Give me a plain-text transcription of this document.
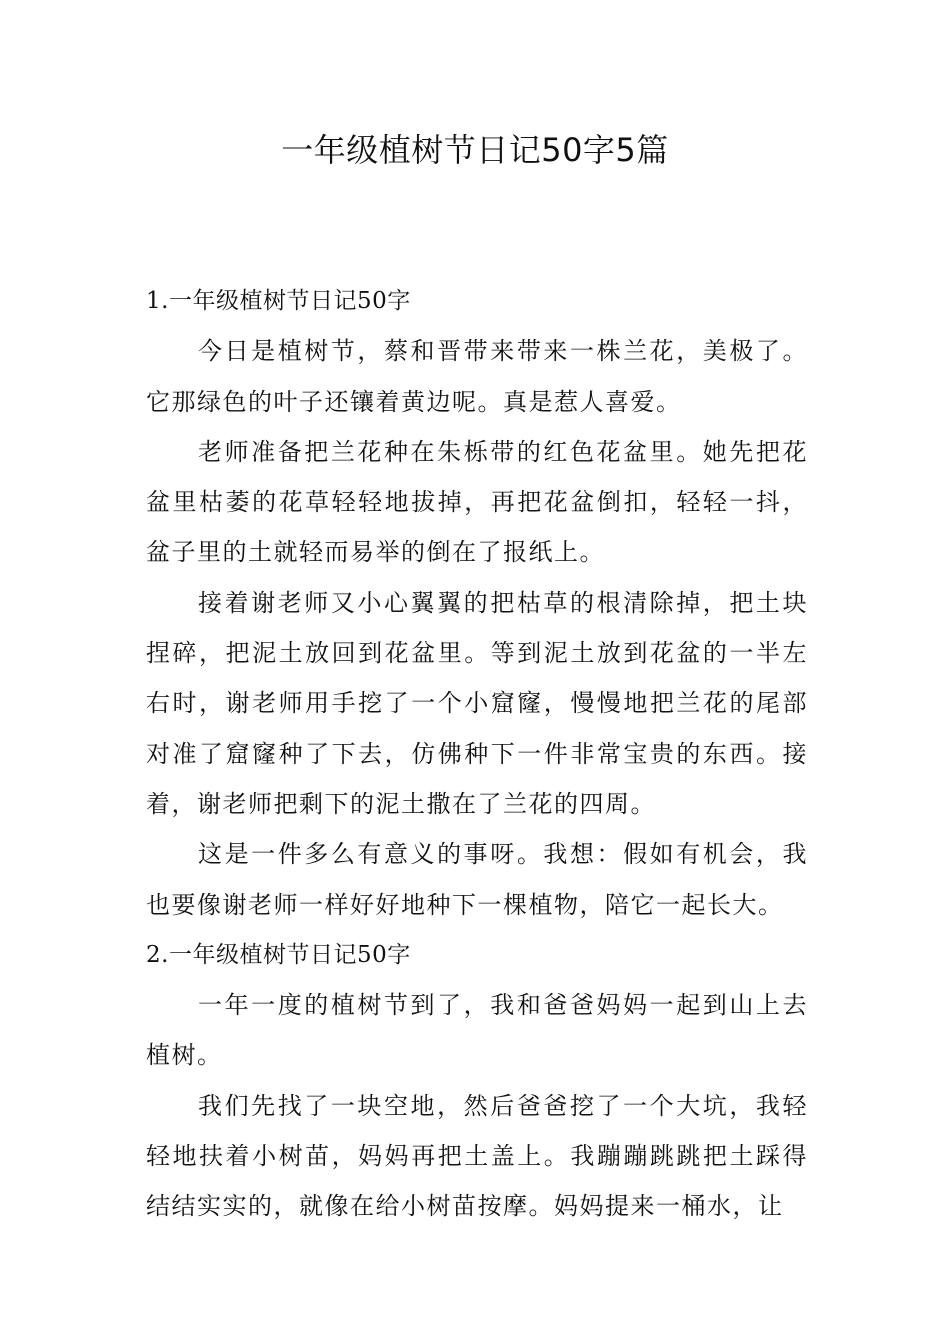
一年级植树节日记50字5篇
1.一年级植树节日记50字

今日是植树节，蔡和晋带来带来一株兰花，美极了。它那绿色的叶子还镶着黄边呢。真是惹人喜爱。

老师准备把兰花种在朱栎带的红色花盆里。她先把花盆里枯萎的花草轻轻地拔掉，再把花盆倒扣，轻轻一抖，盆子里的土就轻而易举的倒在了报纸上。

接着谢老师又小心翼翼的把枯草的根清除掉，把土块捏碎，把泥土放回到花盆里。等到泥土放到花盆的一半左右时，谢老师用手挖了一个小窟窿，慢慢地把兰花的尾部对准了窟窿种了下去，仿佛种下一件非常宝贵的东西。接着，谢老师把剩下的泥土撒在了兰花的四周。

这是一件多么有意义的事呀。我想：假如有机会，我也要像谢老师一样好好地种下一棵植物，陪它一起长大。

2.一年级植树节日记50字

一年一度的植树节到了，我和爸爸妈妈一起到山上去植树。

我们先找了一块空地，然后爸爸挖了一个大坑，我轻轻地扶着小树苗，妈妈再把土盖上。我蹦蹦跳跳把土踩得结结实实的，就像在给小树苗按摩。妈妈提来一桶水，让
